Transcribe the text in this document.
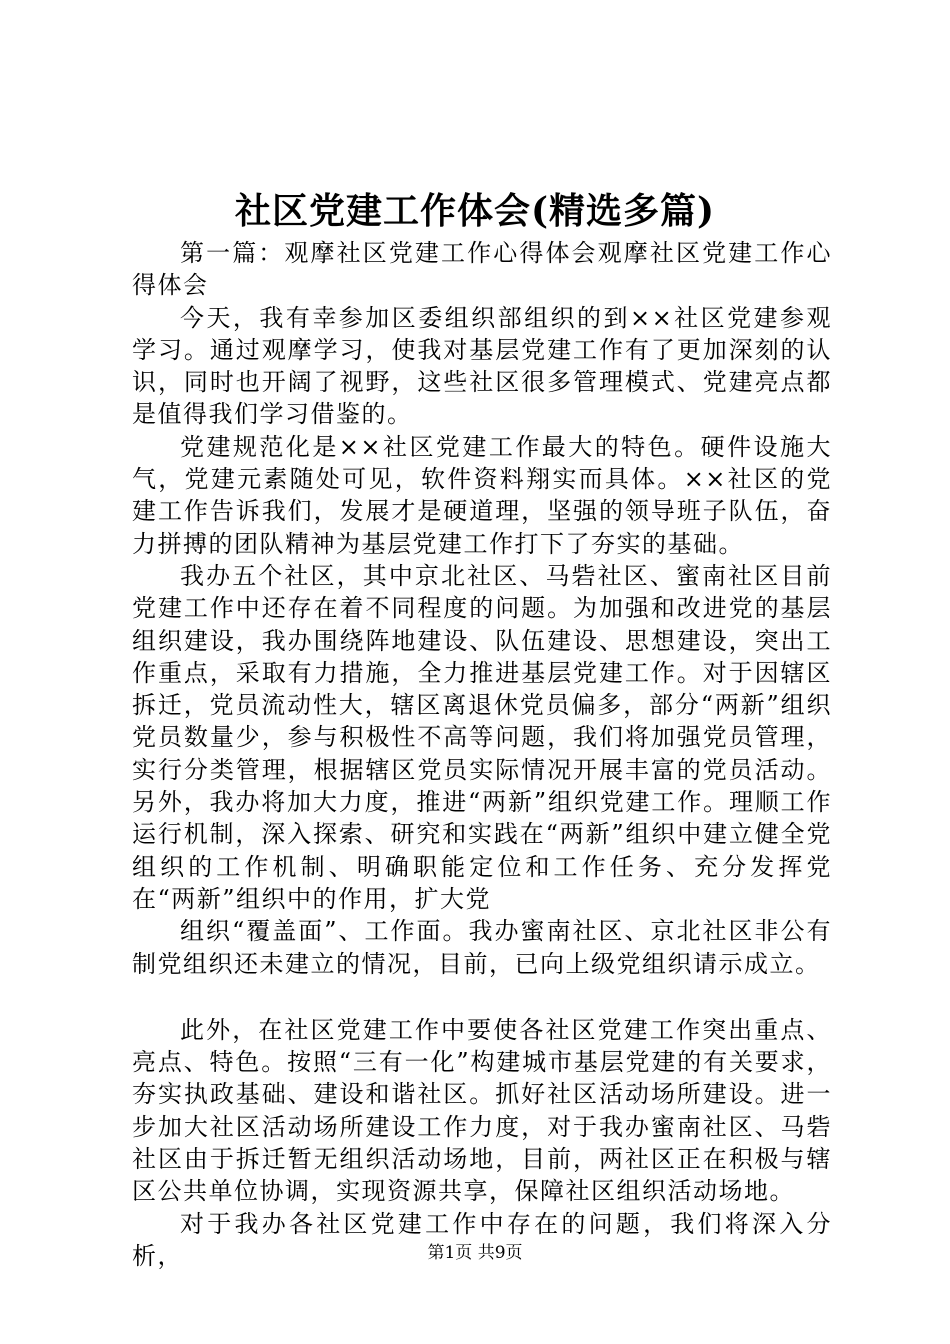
社区党建工作体会(精选多篇)

第一篇：观摩社区党建工作心得体会观摩社区党建工作心得体会

今天，我有幸参加区委组织部组织的到××社区党建参观学习。通过观摩学习，使我对基层党建工作有了更加深刻的认识，同时也开阔了视野，这些社区很多管理模式、党建亮点都是值得我们学习借鉴的。

党建规范化是××社区党建工作最大的特色。硬件设施大气，党建元素随处可见，软件资料翔实而具体。××社区的党建工作告诉我们，发展才是硬道理，坚强的领导班子队伍，奋力拼搏的团队精神为基层党建工作打下了夯实的基础。

我办五个社区，其中京北社区、马砦社区、蜜南社区目前党建工作中还存在着不同程度的问题。为加强和改进党的基层组织建设，我办围绕阵地建设、队伍建设、思想建设，突出工作重点，采取有力措施，全力推进基层党建工作。对于因辖区拆迁，党员流动性大，辖区离退休党员偏多，部分“两新”组织党员数量少，参与积极性不高等问题，我们将加强党员管理，实行分类管理，根据辖区党员实际情况开展丰富的党员活动。另外，我办将加大力度，推进“两新”组织党建工作。理顺工作运行机制，深入探索、研究和实践在“两新”组织中建立健全党组织的工作机制、明确职能定位和工作任务、充分发挥党在“两新”组织中的作用，扩大党

组织“覆盖面”、工作面。我办蜜南社区、京北社区非公有制党组织还未建立的情况，目前，已向上级党组织请示成立。

此外，在社区党建工作中要使各社区党建工作突出重点、亮点、特色。按照“三有一化”构建城市基层党建的有关要求，夯实执政基础、建设和谐社区。抓好社区活动场所建设。进一步加大社区活动场所建设工作力度，对于我办蜜南社区、马砦社区由于拆迁暂无组织活动场地，目前，两社区正在积极与辖区公共单位协调，实现资源共享，保障社区组织活动场地。

对于我办各社区党建工作中存在的问题，我们将深入分析，	第1页 共9页
